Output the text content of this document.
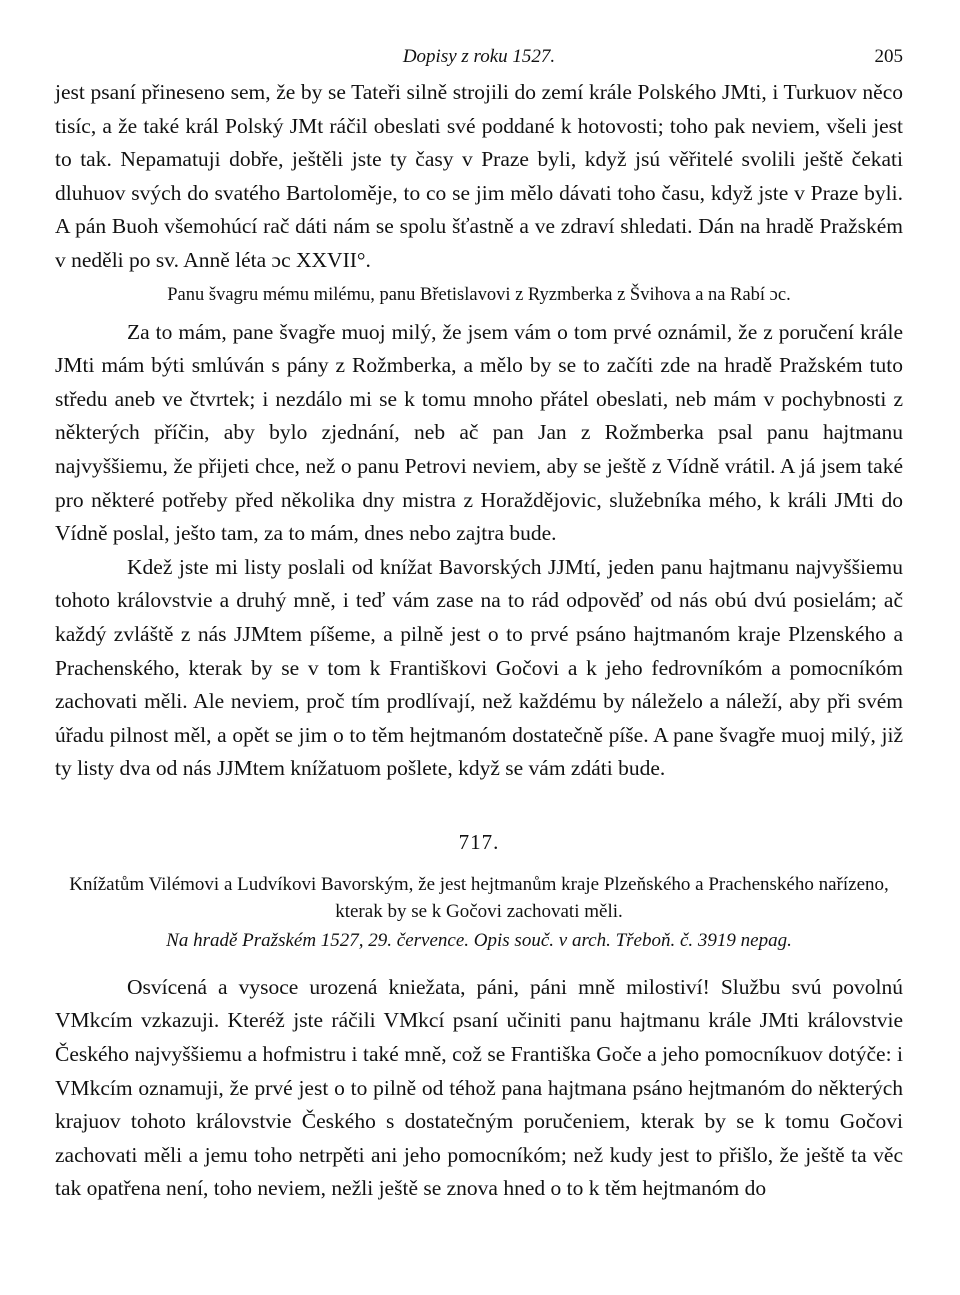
Dopisy z roku 1527.	205

jest psaní přineseno sem, že by se Tateři silně strojili do zemí krále Polského JMti, i Turkuov něco tisíc, a že také král Polský JMt ráčil obeslati své poddané k hotovosti; toho pak neviem, všeli jest to tak. Nepamatuji dobře, ještěli jste ty časy v Praze byli, když jsú věřitelé svolili ještě čekati dluhuov svých do svatého Bartoloměje, to co se jim mělo dávati toho času, když jste v Praze byli. A pán Buoh všemohúcí rač dáti nám se spolu šťastně a ve zdraví shledati. Dán na hradě Pražském v neděli po sv. Anně léta ɔc XXVII°.

Panu švagru mému milému, panu Břetislavovi z Ryzmberka z Švihova a na Rabí ɔc.

Za to mám, pane švagře muoj milý, že jsem vám o tom prvé oznámil, že z poručení krále JMti mám býti smlúván s pány z Rožmberka, a mělo by se to začíti zde na hradě Pražském tuto středu aneb ve čtvrtek; i nezdálo mi se k tomu mnoho přátel obeslati, neb mám v pochybnosti z některých příčin, aby bylo zjednání, neb ač pan Jan z Rožmberka psal panu hajtmanu najvyššiemu, že přijeti chce, než o panu Petrovi neviem, aby se ještě z Vídně vrátil. A já jsem také pro některé potřeby před několika dny mistra z Horaždějovic, služebníka mého, k králi JMti do Vídně poslal, ješto tam, za to mám, dnes nebo zajtra bude.

Kdež jste mi listy poslali od knížat Bavorských JJMtí, jeden panu hajtmanu najvyššiemu tohoto královstvie a druhý mně, i teď vám zase na to rád odpověď od nás obú dvú posielám; ač každý zvláště z nás JJMtem píšeme, a pilně jest o to prvé psáno hajtmanóm kraje Plzenského a Prachenského, kterak by se v tom k Františkovi Gočovi a k jeho fedrovníkóm a pomocníkóm zachovati měli. Ale neviem, proč tím prodlívají, než každému by náleželo a náleží, aby při svém úřadu pilnost měl, a opět se jim o to těm hejtmanóm dostatečně píše. A pane švagře muoj milý, již ty listy dva od nás JJMtem knížatuom pošlete, když se vám zdáti bude.

717.

Knížatům Vilémovi a Ludvíkovi Bavorským, že jest hejtmanům kraje Plzeňského a Prachenského nařízeno, kterak by se k Gočovi zachovati měli.

Na hradě Pražském 1527, 29. července. Opis souč. v arch. Třeboň. č. 3919 nepag.

Osvícená a vysoce urozená kniežata, páni, páni mně milostiví! Službu svú povolnú VMkcím vzkazuji. Kteréž jste ráčili VMkcí psaní učiniti panu hajtmanu krále JMti královstvie Českého najvyššiemu a hofmistru i také mně, což se Františka Goče a jeho pomocníkuov dotýče: i VMkcím oznamuji, že prvé jest o to pilně od téhož pana hajtmana psáno hejtmanóm do některých krajuov tohoto královstvie Českého s dostatečným poručeniem, kterak by se k tomu Gočovi zachovati měli a jemu toho netrpěti ani jeho pomocníkóm; než kudy jest to přišlo, že ještě ta věc tak opatřena není, toho neviem, nežli ještě se znova hned o to k těm hejtmanóm do
